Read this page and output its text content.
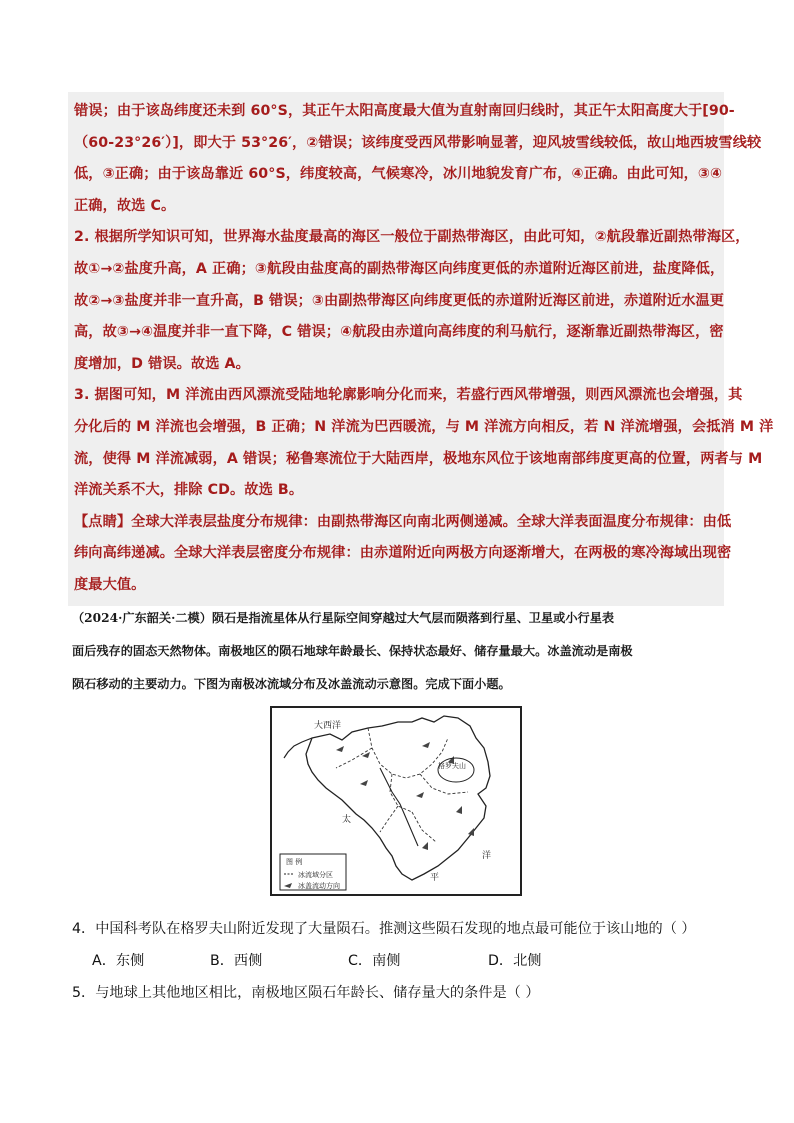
错误；由于该岛纬度还未到 60°S，其正午太阳高度最大值为直射南回归线时，其正午太阳高度大于[90-
（60-23°26′）]，即大于 53°26′，②错误；该纬度受西风带影响显著，迎风坡雪线较低，故山地西坡雪线较
低，③正确；由于该岛靠近 60°S，纬度较高，气候寒冷，冰川地貌发育广布，④正确。由此可知，③④
正确，故选 C。
2. 根据所学知识可知，世界海水盐度最高的海区一般位于副热带海区，由此可知，②航段靠近副热带海区，
故①→②盐度升高，A 正确；③航段由盐度高的副热带海区向纬度更低的赤道附近海区前进，盐度降低，
故②→③盐度并非一直升高，B 错误；③由副热带海区向纬度更低的赤道附近海区前进，赤道附近水温更
高，故③→④温度并非一直下降，C 错误；④航段由赤道向高纬度的利马航行，逐渐靠近副热带海区，密
度增加，D 错误。故选 A。
3. 据图可知，M 洋流由西风漂流受陆地轮廓影响分化而来，若盛行西风带增强，则西风漂流也会增强，其
分化后的 M 洋流也会增强，B 正确；N 洋流为巴西暖流，与 M 洋流方向相反，若 N 洋流增强，会抵消 M 洋
流，使得 M 洋流减弱，A 错误；秘鲁寒流位于大陆西岸，极地东风位于该地南部纬度更高的位置，两者与 M
洋流关系不大，排除 CD。故选 B。
【点睛】全球大洋表层盐度分布规律：由副热带海区向南北两侧递减。全球大洋表面温度分布规律：由低
纬向高纬递减。全球大洋表层密度分布规律：由赤道附近向两极方向逐渐增大，在两极的寒冷海域出现密
度最大值。
（2024·广东韶关·二模）陨石是指流星体从行星际空间穿越过大气层而陨落到行星、卫星或小行星表
面后残存的固态天然物体。南极地区的陨石地球年龄最长、保持状态最好、储存量最大。冰盖流动是南极
陨石移动的主要动力。下图为南极冰流域分布及冰盖流动示意图。完成下面小题。
大西洋
格罗夫山
太
平
洋
图 例
冰流域分区
冰盖流动方向
4．中国科考队在格罗夫山附近发现了大量陨石。推测这些陨石发现的地点最可能位于该山地的（ ）
A．东侧	B．西侧	C．南侧	D．北侧
5．与地球上其他地区相比，南极地区陨石年龄长、储存量大的条件是（ ）
